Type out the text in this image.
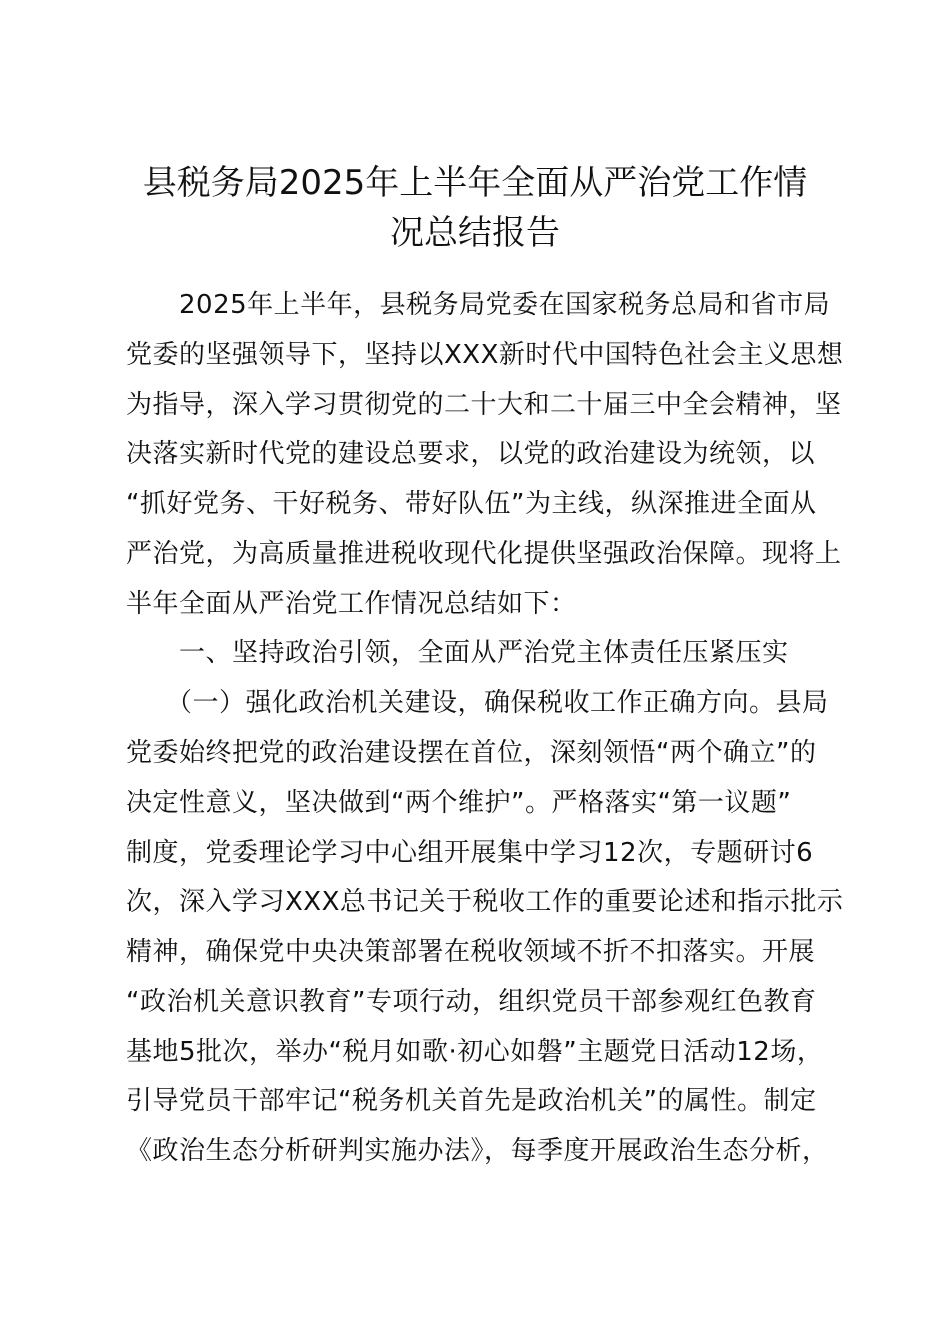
县税务局2025年上半年全面从严治党工作情
况总结报告
　　2025年上半年，县税务局党委在国家税务总局和省市局
党委的坚强领导下，坚持以XXX新时代中国特色社会主义思想
为指导，深入学习贯彻党的二十大和二十届三中全会精神，坚
决落实新时代党的建设总要求，以党的政治建设为统领，以
“抓好党务、干好税务、带好队伍”为主线，纵深推进全面从
严治党，为高质量推进税收现代化提供坚强政治保障。现将上
半年全面从严治党工作情况总结如下：
　　一、坚持政治引领，全面从严治党主体责任压紧压实
　　（一）强化政治机关建设，确保税收工作正确方向。县局
党委始终把党的政治建设摆在首位，深刻领悟“两个确立”的
决定性意义，坚决做到“两个维护”。严格落实“第一议题”
制度，党委理论学习中心组开展集中学习12次，专题研讨6
次，深入学习XXX总书记关于税收工作的重要论述和指示批示
精神，确保党中央决策部署在税收领域不折不扣落实。开展
“政治机关意识教育”专项行动，组织党员干部参观红色教育
基地5批次，举办“税月如歌·初心如磐”主题党日活动12场，
引导党员干部牢记“税务机关首先是政治机关”的属性。制定
《政治生态分析研判实施办法》，每季度开展政治生态分析，
